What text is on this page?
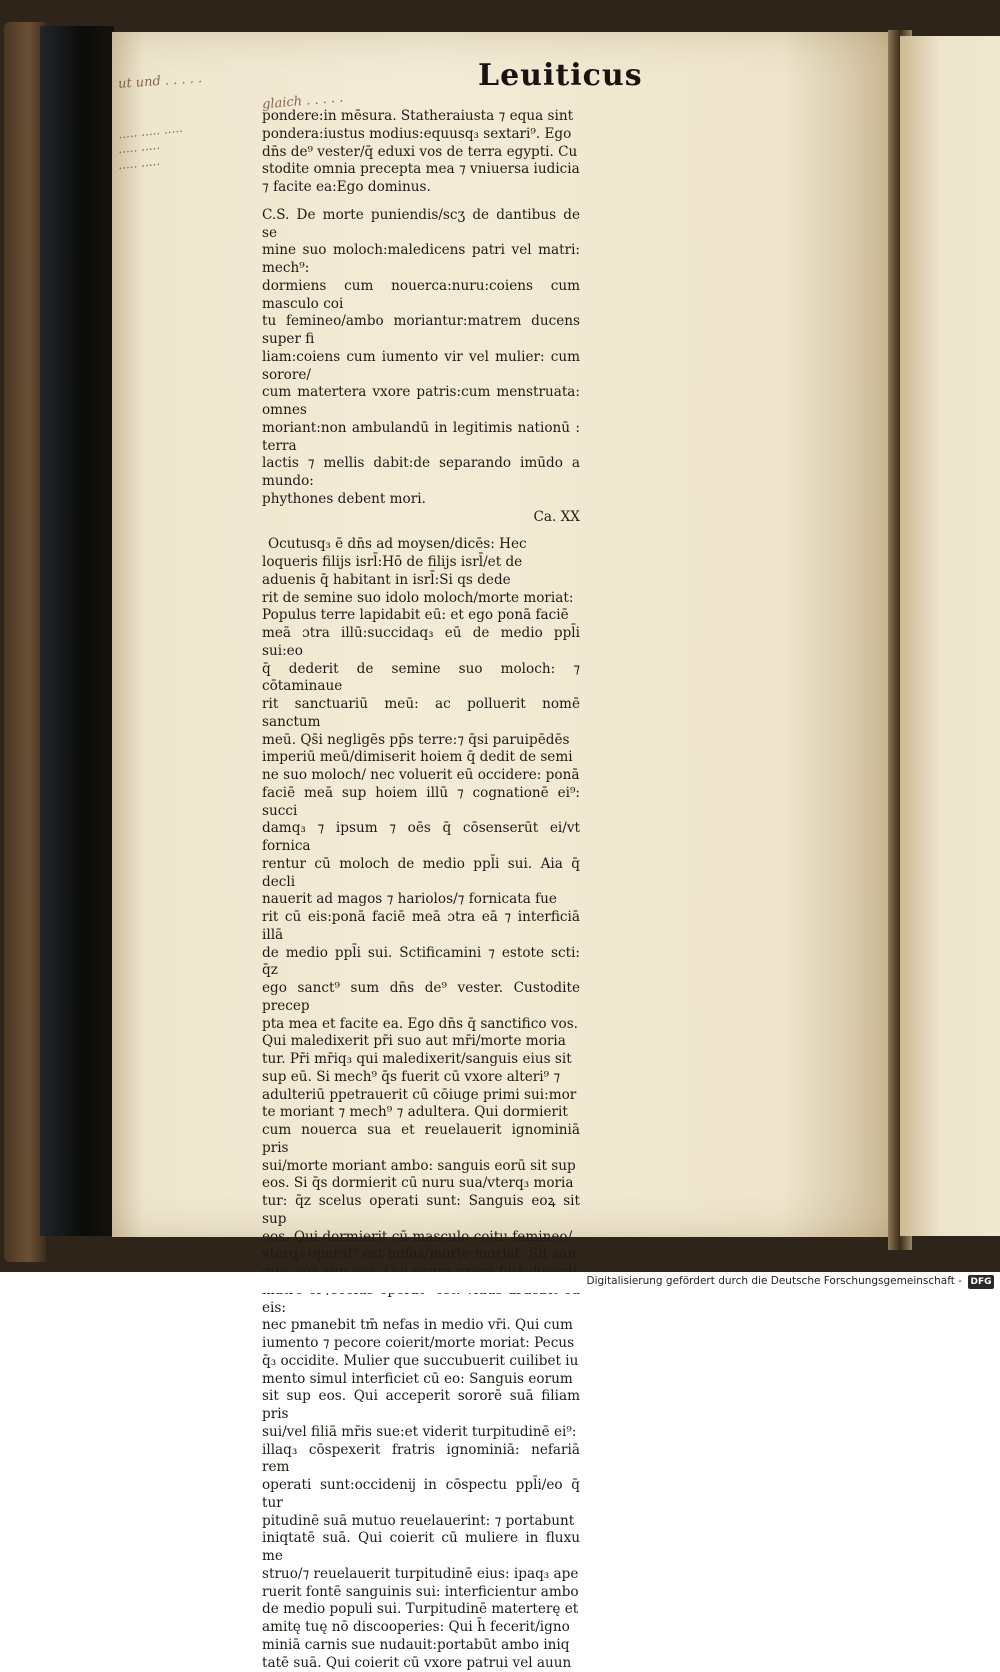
Leuiticus
ut und . . . . .
glaich . . . . .
..... ..... .....
..... .....
..... .....

pondere:in mēsura. Statheraiusta ⁊ equa sint

pondera:iustus modius:equusq₃ sextari⁹. Ego

dn̄s de⁹ vester/q̄ eduxi vos de terra egypti. Cu

stodite omnia precepta mea ⁊ vniuersa iudicia

⁊ facite ea:Ego dominus.

C.S. De morte puniendis/scʒ de dantibus de se

mine suo moloch:maledicens patri vel matri: mech⁹:

dormiens cum nouerca:nuru:coiens cum masculo coi

tu femineo/ambo moriantur:matrem ducens super fi

liam:coiens cum iumento vir vel mulier: cum sorore/

cum matertera vxore patris:cum menstruata: omnes

moriant:non ambulandū in legitimis nationū : terra

lactis ⁊ mellis dabit:de separando imūdo a mundo:

phythones debent mori.

Ca. XX

Ocutusq₃ ē dn̄s ad moysen/dicēs: Hec

loqueris filijs isrl̄:Hō de filijs isrl̄/et de

aduenis q̄ habitant in isrl̄:Si qs dede

rit de semine suo idolo moloch/morte moriat:

Populus terre lapidabit eū: et ego ponā faciē

meā ɔtra illū:succidaq₃ eū de medio ppl̄i sui:eo

q̄ dederit de semine suo moloch: ⁊ cōtaminaue

rit sanctuariū meū: ac polluerit nomē sanctum

meū. Qs̄i negligēs pp̄s terre:⁊ q̄si paruipēdēs

imperiū meū/dimiserit hoiem q̄ dedit de semi

ne suo moloch/ nec voluerit eū occidere: ponā

faciē meā sup hoiem illū ⁊ cognationē ei⁹: succi

damq₃ ⁊ ipsum ⁊ oēs q̄ cōsenserūt ei/vt fornica

rentur cū moloch de medio ppl̄i sui. Aia q̄ decli

nauerit ad magos ⁊ hariolos/⁊ fornicata fue

rit cū eis:ponā faciē meā ɔtra eā ⁊ interficiā illā

de medio ppl̄i sui. Sctificamini ⁊ estote scti: q̄z

ego sanct⁹ sum dn̄s de⁹ vester. Custodite precep

pta mea et facite ea. Ego dn̄s q̄ sanctifico vos.

Qui maledixerit pr̄i suo aut mr̄i/morte moria

tur. Pr̄i mr̄iq₃ qui maledixerit/sanguis eius sit

sup eū. Si mech⁹ q̄s fuerit cū vxore alteri⁹ ⁊

adulteriū ppetrauerit cū cōiuge primi sui:mor

te moriant ⁊ mech⁹ ⁊ adultera. Qui dormierit

cum nouerca sua et reuelauerit ignominiā pris

sui/morte moriant ambo: sanguis eorū sit sup

eos. Si q̄s dormierit cū nuru sua/vterq₃ moria

tur: q̄z scelus operati sunt: Sanguis eoꝝ sit sup

eos. Qui dormierit cū masculo coitu femineo/

vterq₃ operat⁹ est nefas/morte moriat: Sit san

eis:

nec pmanebit tm̄ nefas in medio vr̄i. Qui cum

iumento ⁊ pecore coierit/morte moriat: Pecus

q̄₃ occidite. Mulier que succubuerit cuilibet iu

mento simul interficiet cū eo: Sanguis eorum

sit sup eos. Qui acceperit sororē suā filiam pris

sui/vel filiā mr̄is sue:et viderit turpitudinē ei⁹:

illaq₃ cōspexerit fratris ignominiā: nefariā rem

operati sunt:occidenĳ in cōspectu ppl̄i/eo q̄ tur

pitudinē suā mutuo reuelauerint: ⁊ portabunt

iniqtatē suā. Qui coierit cū muliere in fluxu me

struo/⁊ reuelauerit turpitudinē eius: ipaq₃ ape

ruerit fontē sanguinis sui: interficientur ambo

de medio populi sui. Turpitudinē materterę et

amitę tuę nō discooperies: Qui h̄ fecerit/igno

miniā carnis sue nudauit:portabūt ambo iniq

tatē suā. Qui coierit cū vxore patrui vel auun

Digitalisierung gefördert durch die Deutsche Forschungsgemeinschaft - DFG
